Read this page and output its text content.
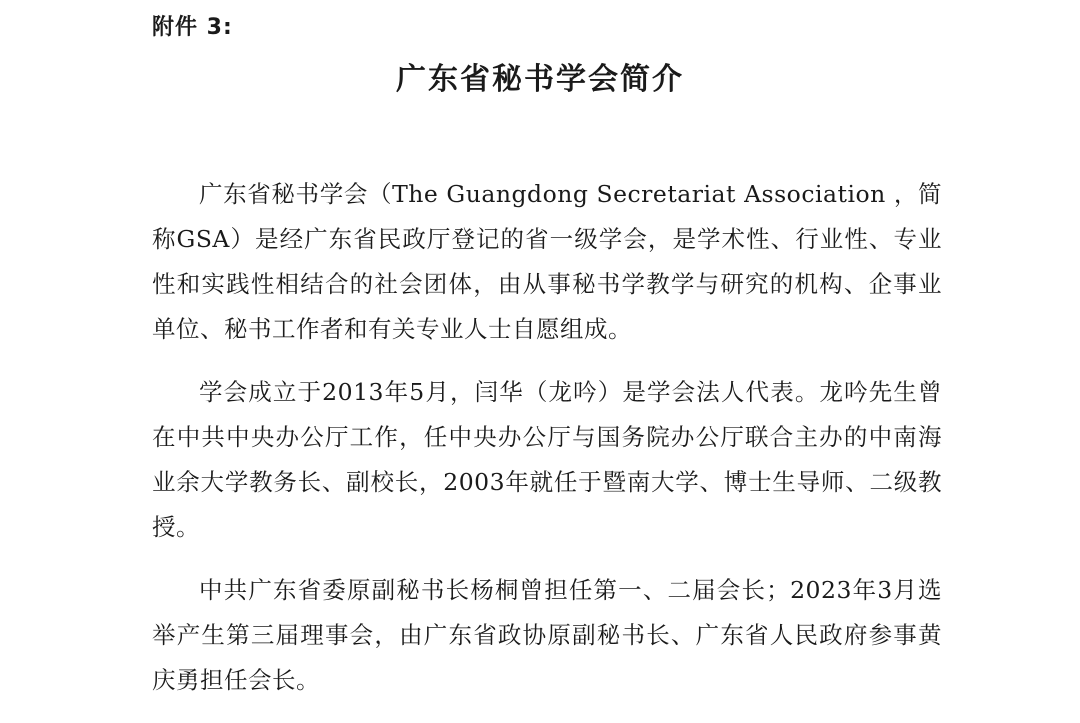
附件 3:
广东省秘书学会简介

广东省秘书学会（The Guangdong Secretariat Association ，简称GSA）是经广东省民政厅登记的省一级学会，是学术性、行业性、专业性和实践性相结合的社会团体，由从事秘书学教学与研究的机构、企事业单位、秘书工作者和有关专业人士自愿组成。

学会成立于2013年5月，闫华（龙吟）是学会法人代表。龙吟先生曾在中共中央办公厅工作，任中央办公厅与国务院办公厅联合主办的中南海业余大学教务长、副校长，2003年就任于暨南大学、博士生导师、二级教授。

中共广东省委原副秘书长杨桐曾担任第一、二届会长；2023年3月选举产生第三届理事会，由广东省政协原副秘书长、广东省人民政府参事黄庆勇担任会长。
